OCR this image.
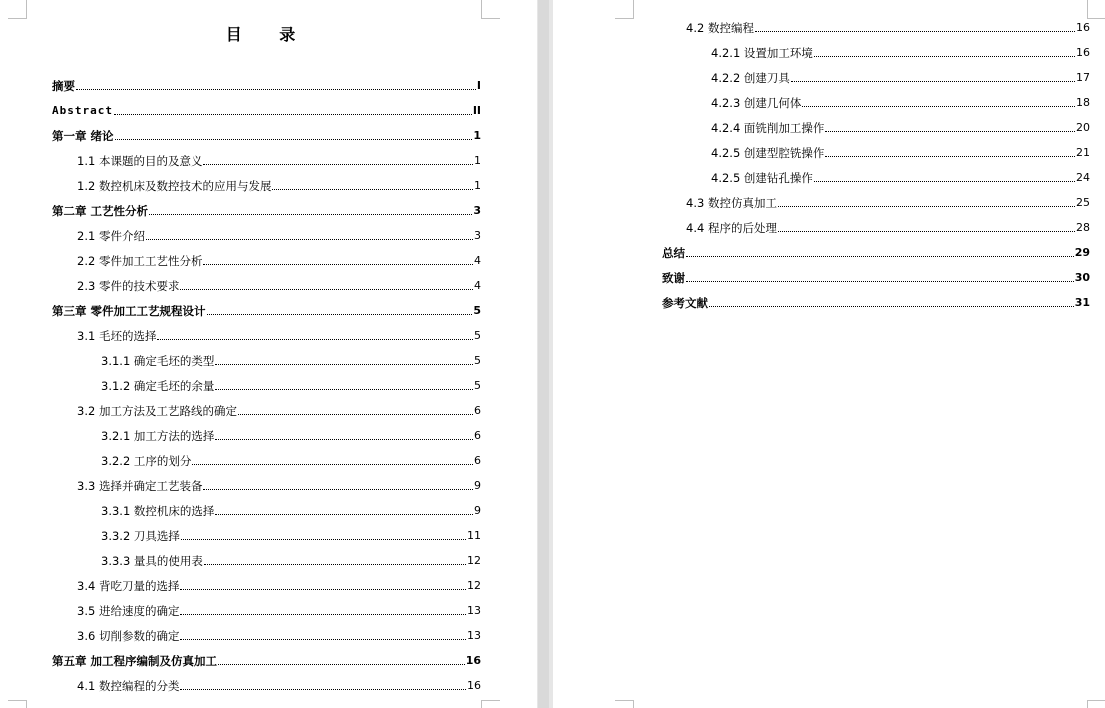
目 录
摘要	I
Abstract	II
第一章 绪论	1
1.1 本课题的目的及意义	1
1.2 数控机床及数控技术的应用与发展	1
第二章 工艺性分析	3
2.1 零件介绍	3
2.2 零件加工工艺性分析	4
2.3 零件的技术要求	4
第三章 零件加工工艺规程设计	5
3.1 毛坯的选择	5
3.1.1 确定毛坯的类型	5
3.1.2 确定毛坯的余量	5
3.2 加工方法及工艺路线的确定	6
3.2.1 加工方法的选择	6
3.2.2 工序的划分	6
3.3 选择并确定工艺装备	9
3.3.1 数控机床的选择	9
3.3.2 刀具选择	11
3.3.3 量具的使用表	12
3.4 背吃刀量的选择	12
3.5 进给速度的确定	13
3.6 切削参数的确定	13
第五章 加工程序编制及仿真加工	16
4.1 数控编程的分类	16
4.2 数控编程	16
4.2.1 设置加工环境	16
4.2.2 创建刀具	17
4.2.3 创建几何体	18
4.2.4 面铣削加工操作	20
4.2.5 创建型腔铣操作	21
4.2.5 创建钻孔操作	24
4.3 数控仿真加工	25
4.4 程序的后处理	28
总结	29
致谢	30
参考文献	31
